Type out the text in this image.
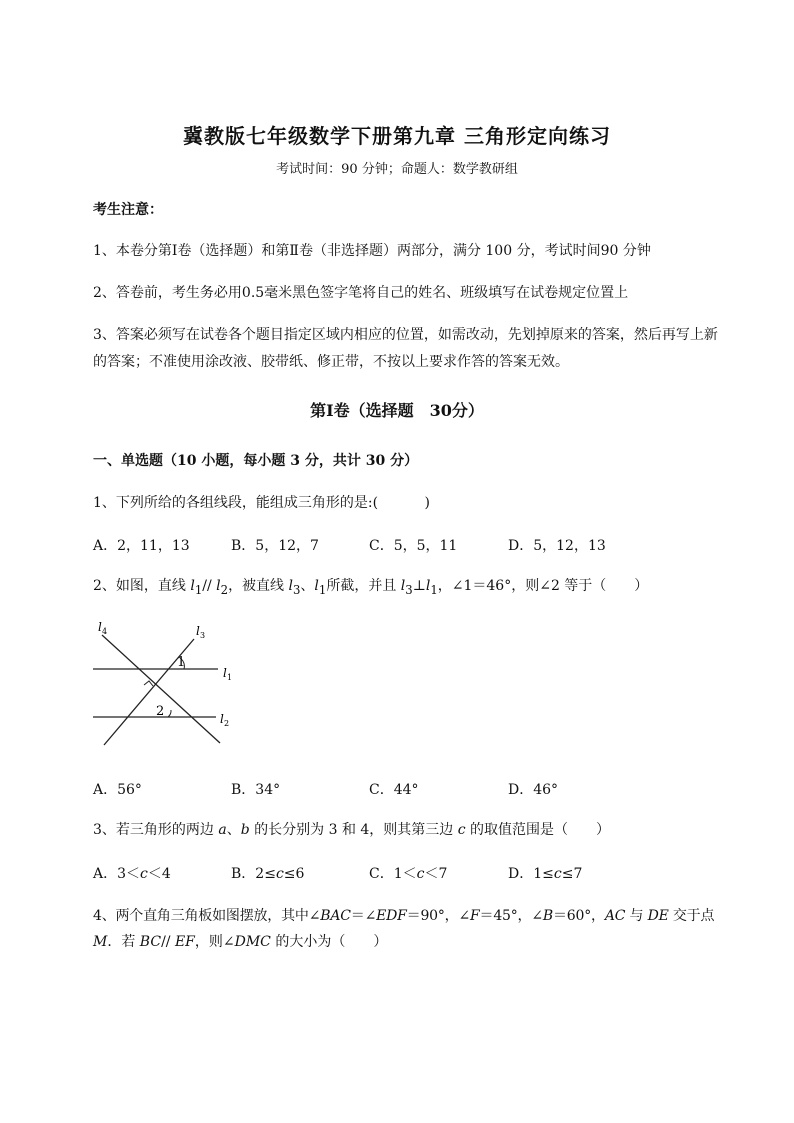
冀教版七年级数学下册第九章 三角形定向练习
考试时间：90 分钟；命题人：数学教研组
考生注意：
1、本卷分第Ⅰ卷（选择题）和第Ⅱ卷（非选择题）两部分，满分 100 分，考试时间90 分钟
2、答卷前，考生务必用0.5毫米黑色签字笔将自己的姓名、班级填写在试卷规定位置上
3、答案必须写在试卷各个题目指定区域内相应的位置，如需改动，先划掉原来的答案，然后再写上新
的答案；不准使用涂改液、胶带纸、修正带，不按以上要求作答的答案无效。
第Ⅰ卷（选择题　30分）
一、单选题（10 小题，每小题 3 分，共计 30 分）
1、下列所给的各组线段，能组成三角形的是:(　　　 )
A．2，11，13	B．5，12，7	C．5，5，11	D．5，12，13
2、如图，直线 $l_1//$ $l_2$，被直线 $l_3$、$l_1$所截，并且 $l_3\perp l_1$，∠1＝46°，则∠2 等于（　　）
l 4	l 3
l 1
l 2
1
2
A．56°	B．34°	C．44°	D．46°
3、若三角形的两边 a、b 的长分别为 3 和 4，则其第三边 c 的取值范围是（　　）
A．3＜c＜4	B．2≤c≤6	C．1＜c＜7	D．1≤c≤7
4、两个直角三角板如图摆放，其中∠BAC＝∠EDF＝90°，∠F＝45°，∠B＝60°，AC 与 DE 交于点
M．若 BC// EF，则∠DMC 的大小为（　　）
